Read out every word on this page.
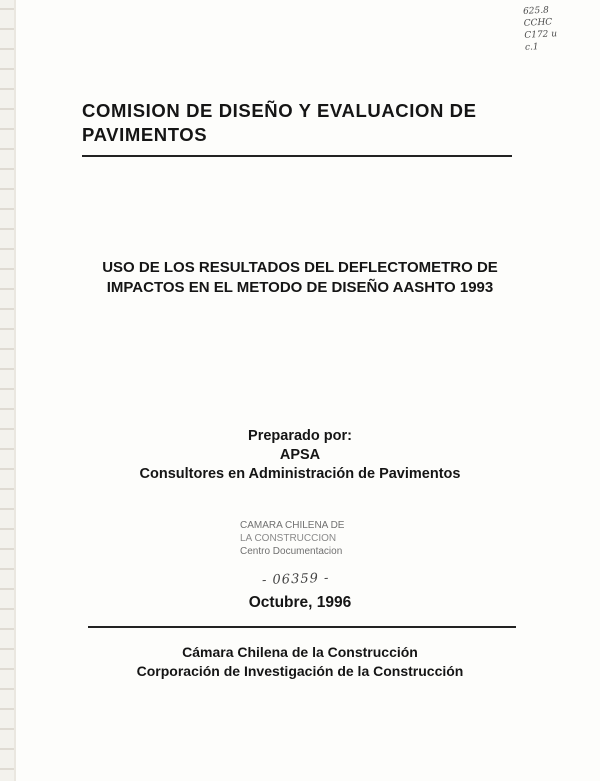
625.8
CCHC
C172 u
c.1
COMISION DE DISEÑO Y EVALUACION DE PAVIMENTOS
USO DE LOS RESULTADOS DEL DEFLECTOMETRO DE IMPACTOS EN EL METODO DE DISEÑO AASHTO 1993
Preparado por:
APSA
Consultores en Administración de Pavimentos
CAMARA CHILENA DE
LA CONSTRUCCION
Centro Documentacion
- 06359 -
Octubre, 1996
Cámara Chilena de la Construcción
Corporación de Investigación de la Construcción
